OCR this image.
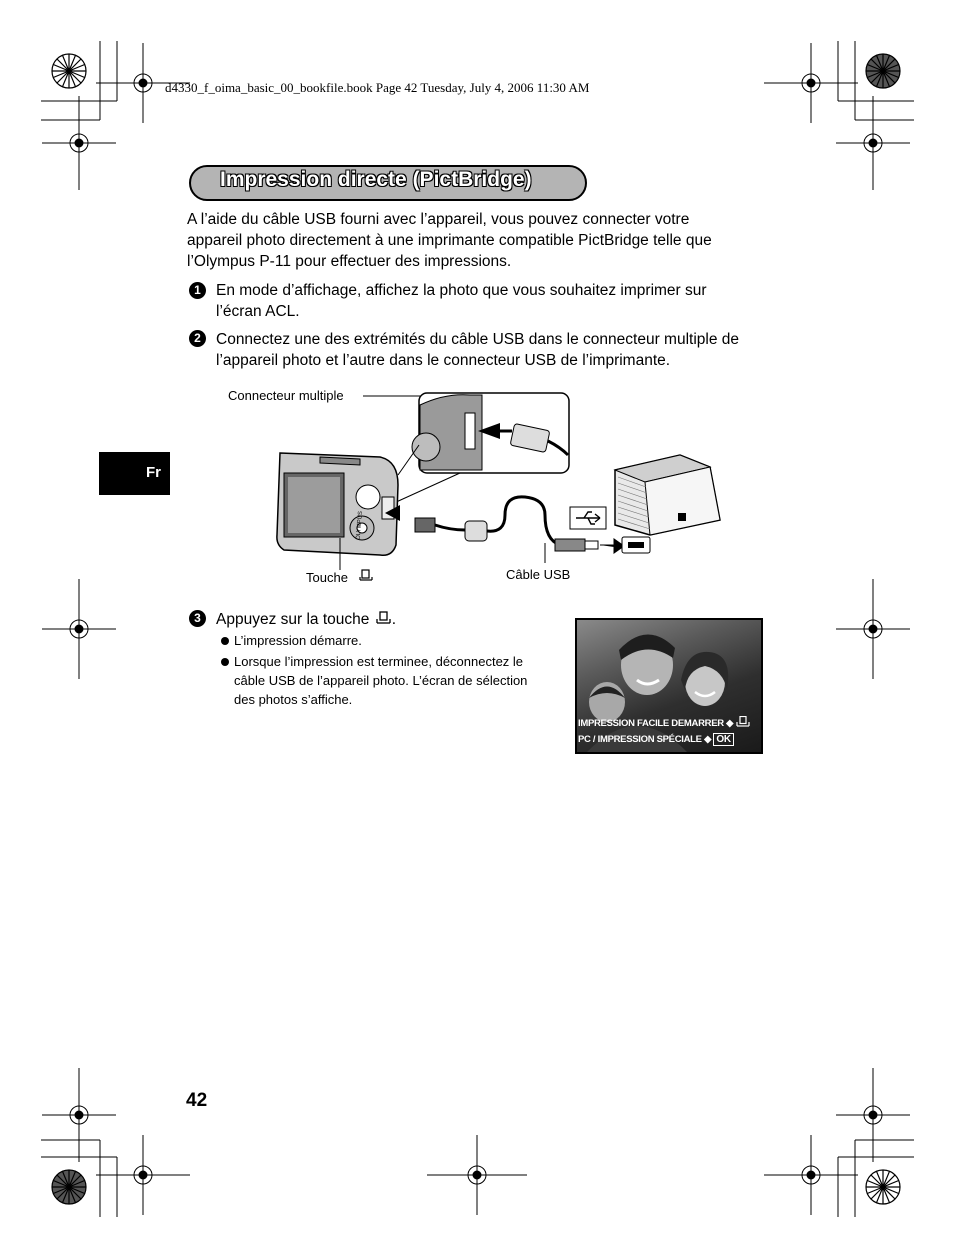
d4330_f_oima_basic_00_bookfile.book Page 42 Tuesday, July 4, 2006 11:30 AM
Impression directe (PictBridge)
A l’aide du câble USB fourni avec l’appareil, vous pouvez connecter votre
appareil photo directement à une imprimante compatible PictBridge telle que
l’Olympus P-11 pour effectuer des impressions.
1 En mode d’affichage, affichez la photo que vous souhaitez imprimer sur
l’écran ACL.
2 Connectez une des extrémités du câble USB dans le connecteur multiple de
l’appareil photo et l’autre dans le connecteur USB de l’imprimante.
Fr
Connecteur multiple
OLYMPUS
Touche	Câble USB
3 Appuyez sur la touche .
L’impression démarre.
Lorsque l’impression est terminee, déconnectez le
câble USB de l’appareil photo. L’écran de sélection
des photos s’affiche.
IMPRESSION FACILE DEMARRER ◆
PC / IMPRESSION SPÉCIALE ◆ OK
42
